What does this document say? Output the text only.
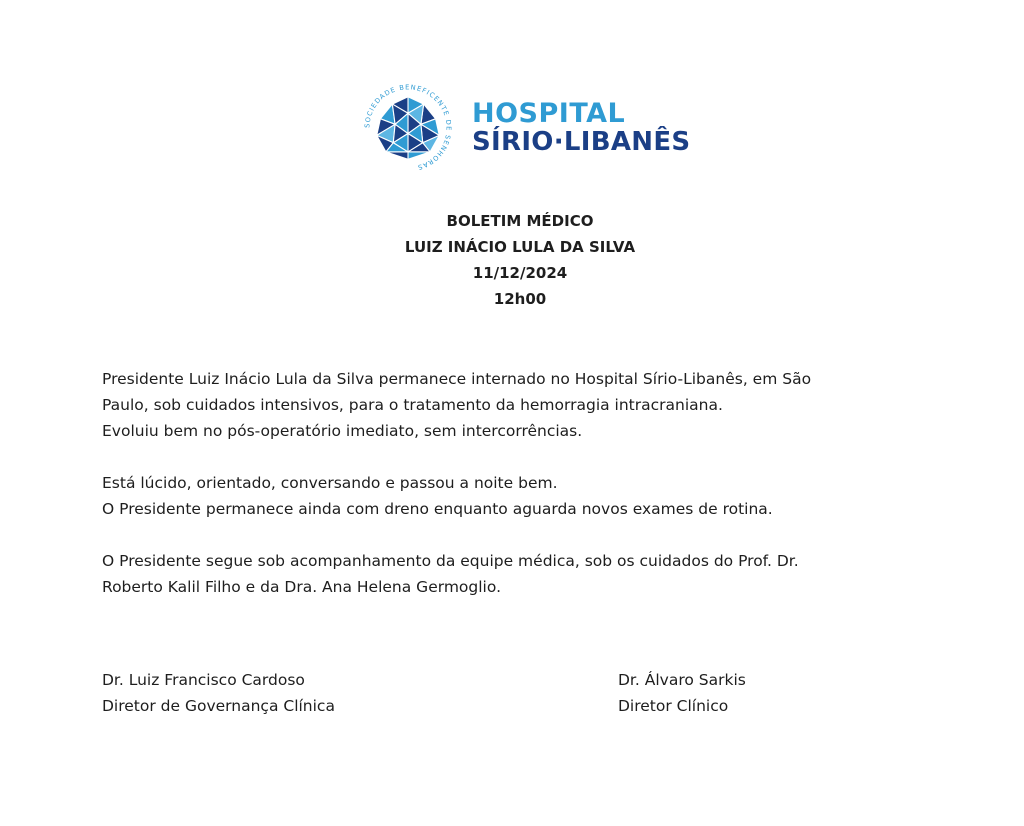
SOCIEDADE BENEFICENTE DE SENHORAS
HOSPITAL
SÍRIO·LIBANÊS
BOLETIM MÉDICO
LUIZ INÁCIO LULA DA SILVA
11/12/2024
12h00
Presidente Luiz Inácio Lula da Silva permanece internado no Hospital Sírio-Libanês, em São
Paulo, sob cuidados intensivos, para o tratamento da hemorragia intracraniana.
Evoluiu bem no pós-operatório imediato, sem intercorrências.
Está lúcido, orientado, conversando e passou a noite bem.
O Presidente permanece ainda com dreno enquanto aguarda novos exames de rotina.
O Presidente segue sob acompanhamento da equipe médica, sob os cuidados do Prof. Dr.
Roberto Kalil Filho e da Dra. Ana Helena Germoglio.
Dr. Luiz Francisco Cardoso
Diretor de Governança Clínica
Dr. Álvaro Sarkis
Diretor Clínico
